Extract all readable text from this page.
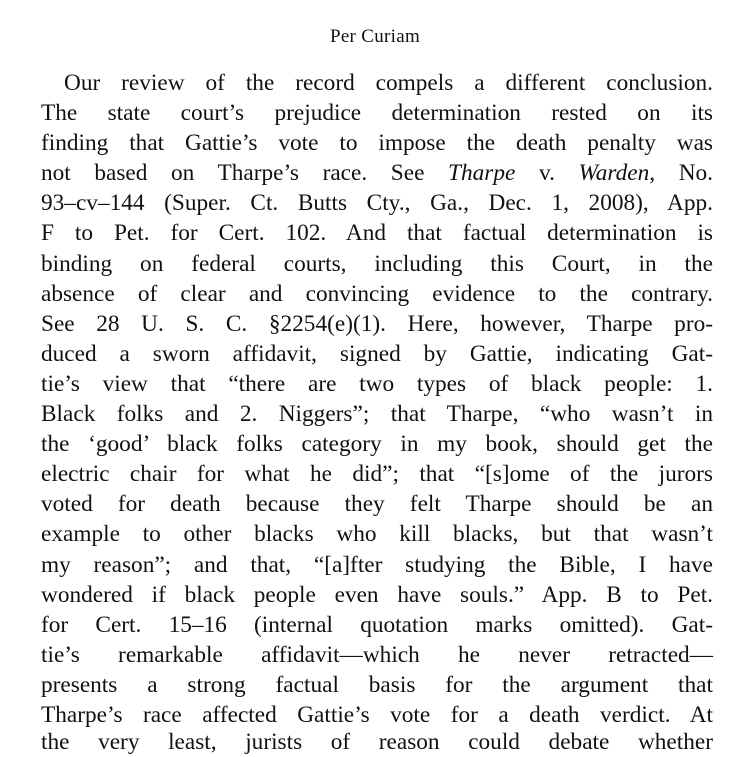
Per Curiam
Our review of the record compels a different conclusion.
The state court’s prejudice determination rested on its
finding that Gattie’s vote to impose the death penalty was
not based on Tharpe’s race. See Tharpe v. Warden, No.
93–cv–144 (Super. Ct. Butts Cty., Ga., Dec. 1, 2008), App.
F to Pet. for Cert. 102. And that factual determination is
binding on federal courts, including this Court, in the
absence of clear and convincing evidence to the contrary.
See 28 U. S. C. §2254(e)(1). Here, however, Tharpe pro-
duced a sworn affidavit, signed by Gattie, indicating Gat-
tie’s view that “there are two types of black people: 1.
Black folks and 2. Niggers”; that Tharpe, “who wasn’t in
the ‘good’ black folks category in my book, should get the
electric chair for what he did”; that “[s]ome of the jurors
voted for death because they felt Tharpe should be an
example to other blacks who kill blacks, but that wasn’t
my reason”; and that, “[a]fter studying the Bible, I have
wondered if black people even have souls.” App. B to Pet.
for Cert. 15–16 (internal quotation marks omitted). Gat-
tie’s remarkable affidavit—which he never retracted—
presents a strong factual basis for the argument that
Tharpe’s race affected Gattie’s vote for a death verdict. At
the very least, jurists of reason could debate whether
